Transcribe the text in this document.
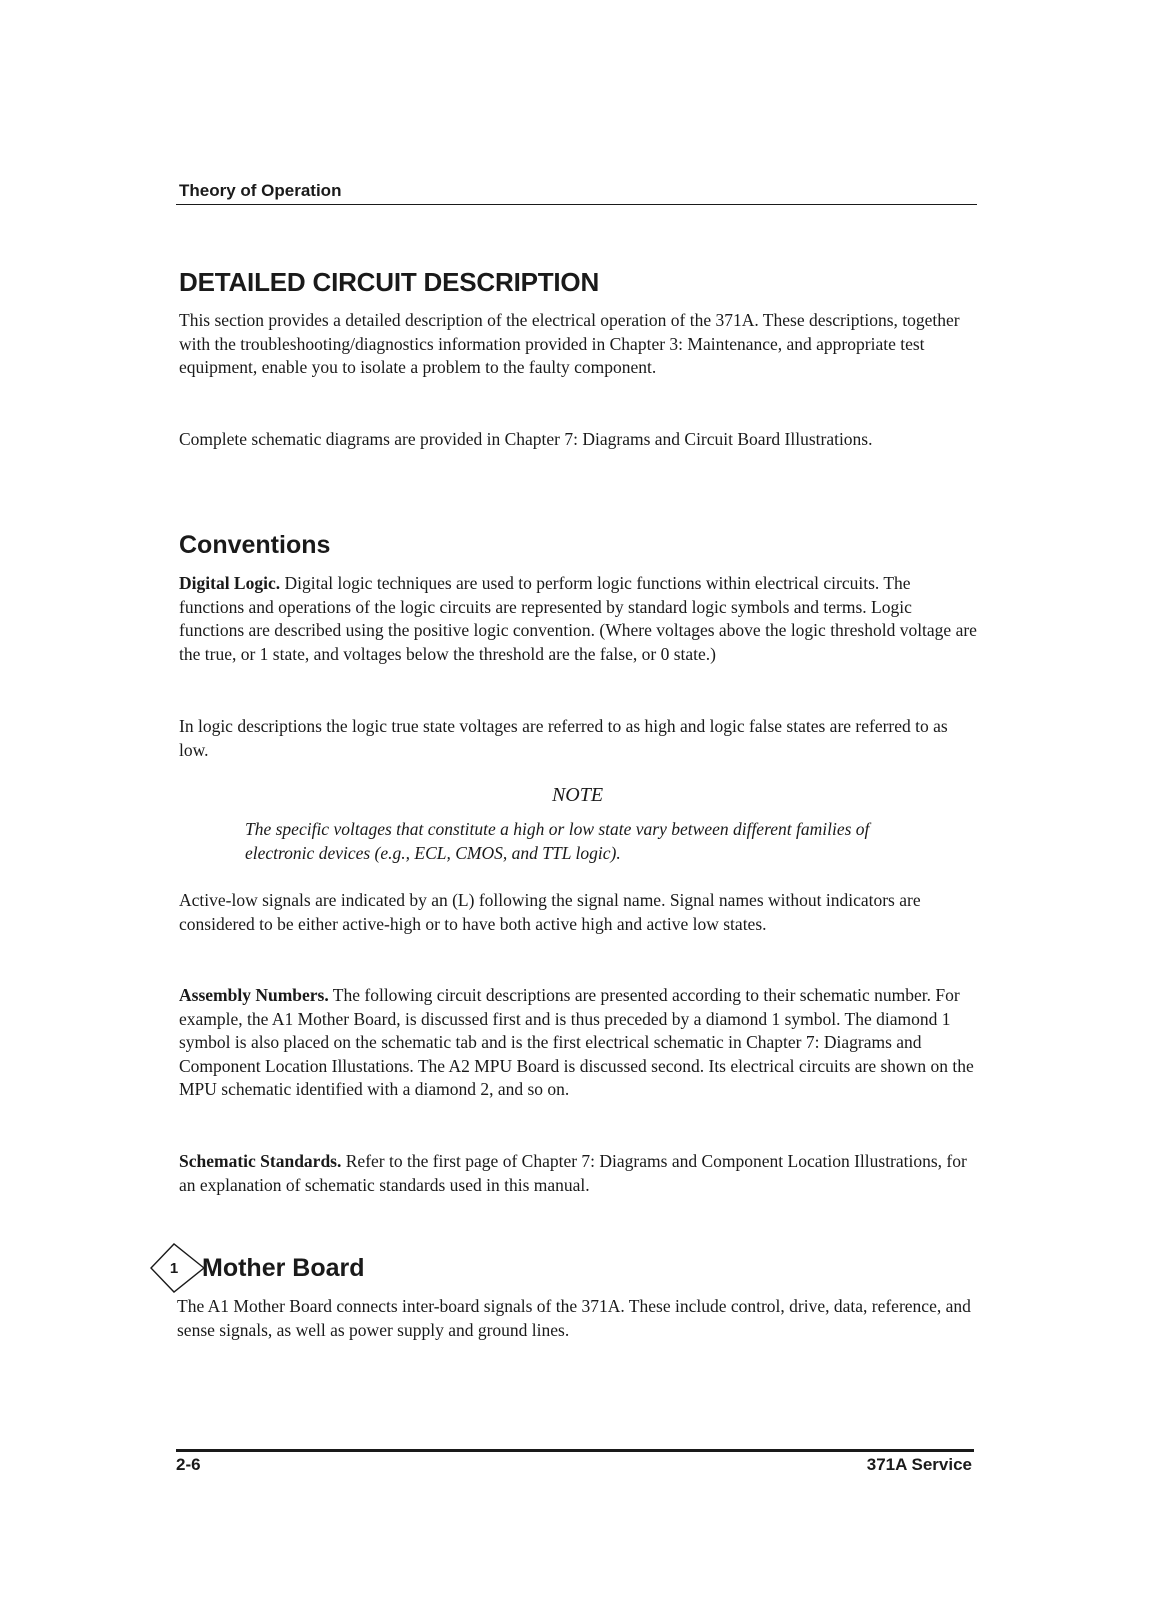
Theory of Operation
DETAILED CIRCUIT DESCRIPTION

This section provides a detailed description of the electrical operation of the 371A. These descriptions, together with the troubleshooting/diagnostics information provided in Chapter 3: Maintenance, and appropriate test equipment, enable you to isolate a problem to the faulty component.

Complete schematic diagrams are provided in Chapter 7: Diagrams and Circuit Board Illustrations.

Conventions

Digital Logic. Digital logic techniques are used to perform logic functions within electrical circuits. The functions and operations of the logic circuits are represented by standard logic symbols and terms. Logic functions are described using the positive logic convention. (Where voltages above the logic threshold voltage are the true, or 1 state, and voltages below the threshold are the false, or 0 state.)

In logic descriptions the logic true state voltages are referred to as high and logic false states are referred to as low.

NOTE

The specific voltages that constitute a high or low state vary between different families of electronic devices (e.g., ECL, CMOS, and TTL logic).

Active-low signals are indicated by an (L) following the signal name. Signal names without indicators are considered to be either active-high or to have both active high and active low states.

Assembly Numbers. The following circuit descriptions are presented according to their schematic number. For example, the A1 Mother Board, is discussed first and is thus preceded by a diamond 1 symbol. The diamond 1 symbol is also placed on the schematic tab and is the first electrical schematic in Chapter 7: Diagrams and Component Location Illustations. The A2 MPU Board is discussed second. Its electrical circuits are shown on the MPU schematic identified with a diamond 2, and so on.

Schematic Standards. Refer to the first page of Chapter 7: Diagrams and Component Location Illustrations, for an explanation of schematic standards used in this manual.

1 Mother Board

The A1 Mother Board connects inter-board signals of the 371A. These include control, drive, data, reference, and sense signals, as well as power supply and ground lines.

2-6	371A Service
